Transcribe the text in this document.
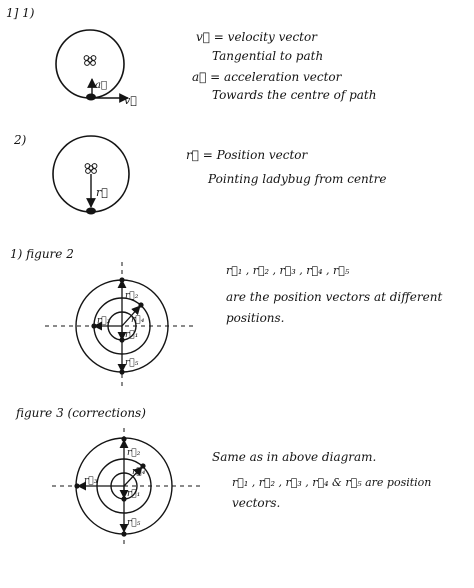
v⃗
a⃗
r⃗
r⃗₁
r⃗₂
r⃗₃ r⃗₄
r⃗₅
r⃗₁
r⃗₂
r⃗₃
r⃗₄
r⃗₅
1] 1)
v⃗ = velocity vector
Tangential to path
a⃗ = acceleration vector
Towards the centre of path
2)
r⃗ = Position vector
Pointing ladybug from centre
1) figure 2
r⃗₁ , r⃗₂ , r⃗₃ , r⃗₄ , r⃗₅
are the position vectors at different
positions.
figure 3 (corrections)
Same as in above diagram.
r⃗₁ , r⃗₂ , r⃗₃ , r⃗₄ & r⃗₅ are position
vectors.
